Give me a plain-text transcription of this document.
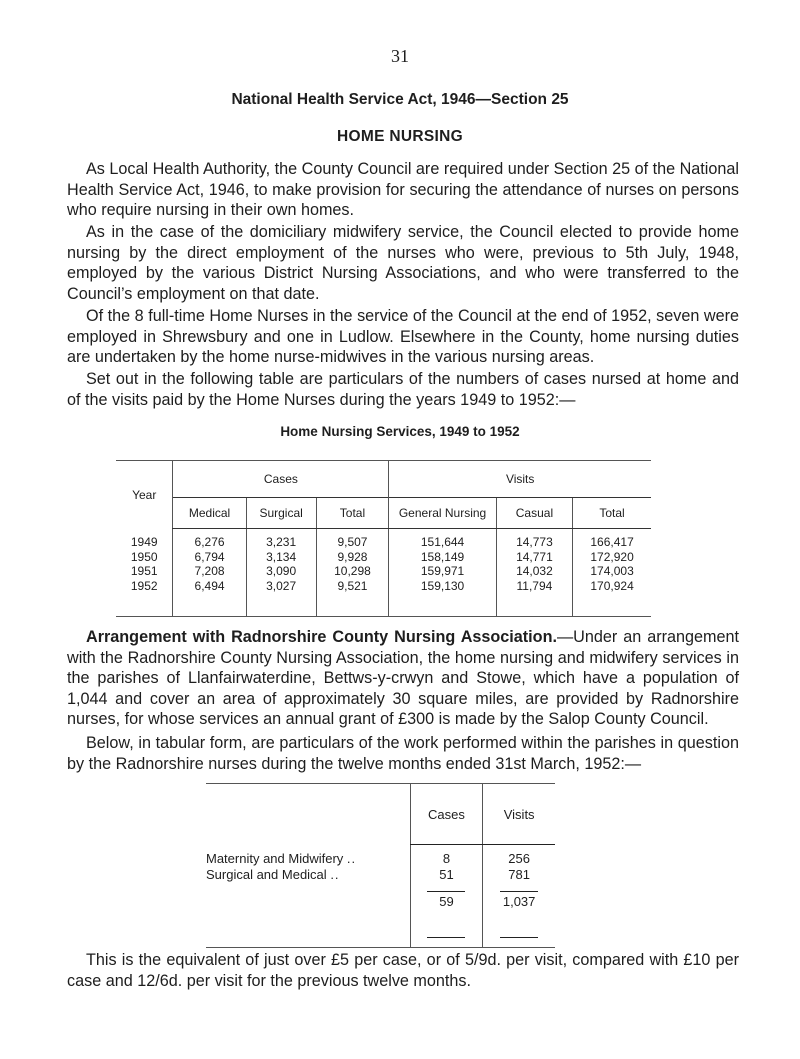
31
National Health Service Act, 1946—Section 25
HOME NURSING

As Local Health Authority, the County Council are required under Section 25 of the National Health Service Act, 1946, to make provision for securing the attendance of nurses on persons who require nursing in their own homes.

As in the case of the domiciliary midwifery service, the Council elected to provide home nursing by the direct employment of the nurses who were, previous to 5th July, 1948, employed by the various District Nursing Associations, and who were transferred to the Council’s employment on that date.

Of the 8 full-time Home Nurses in the service of the Council at the end of 1952, seven were employed in Shrewsbury and one in Ludlow. Elsewhere in the County, home nursing duties are undertaken by the home nurse-midwives in the various nursing areas.

Set out in the following table are particulars of the numbers of cases nursed at home and of the visits paid by the Home Nurses during the years 1949 to 1952:—

Home Nursing Services, 1949 to 1952
Year	Cases			Visits		
	Medical	Surgical	Total	General Nursing	Casual	Total
1949	6,276	3,231	9,507	151,644	14,773	166,417
1950	6,794	3,134	9,928	158,149	14,771	172,920
1951	7,208	3,090	10,298	159,971	14,032	174,003
1952	6,494	3,027	9,521	159,130	11,794	170,924

Arrangement with Radnorshire County Nursing Association.—Under an arrangement with the Radnorshire County Nursing Association, the home nursing and midwifery services in the parishes of Llanfairwaterdine, Bettws-y-crwyn and Stowe, which have a population of 1,044 and cover an area of approximately 30 square miles, are provided by Radnorshire nurses, for whose services an annual grant of £300 is made by the Salop County Council.

Below, in tabular form, are particulars of the work performed within the parishes in question by the Radnorshire nurses during the twelve months ended 31st March, 1952:—

	Cases	Visits
Maternity and Midwifery ..	8	256
Surgical and Medical ..	51	781
	59	1,037

This is the equivalent of just over £5 per case, or of 5/9d. per visit, compared with £10 per case and 12/6d. per visit for the previous twelve months.
